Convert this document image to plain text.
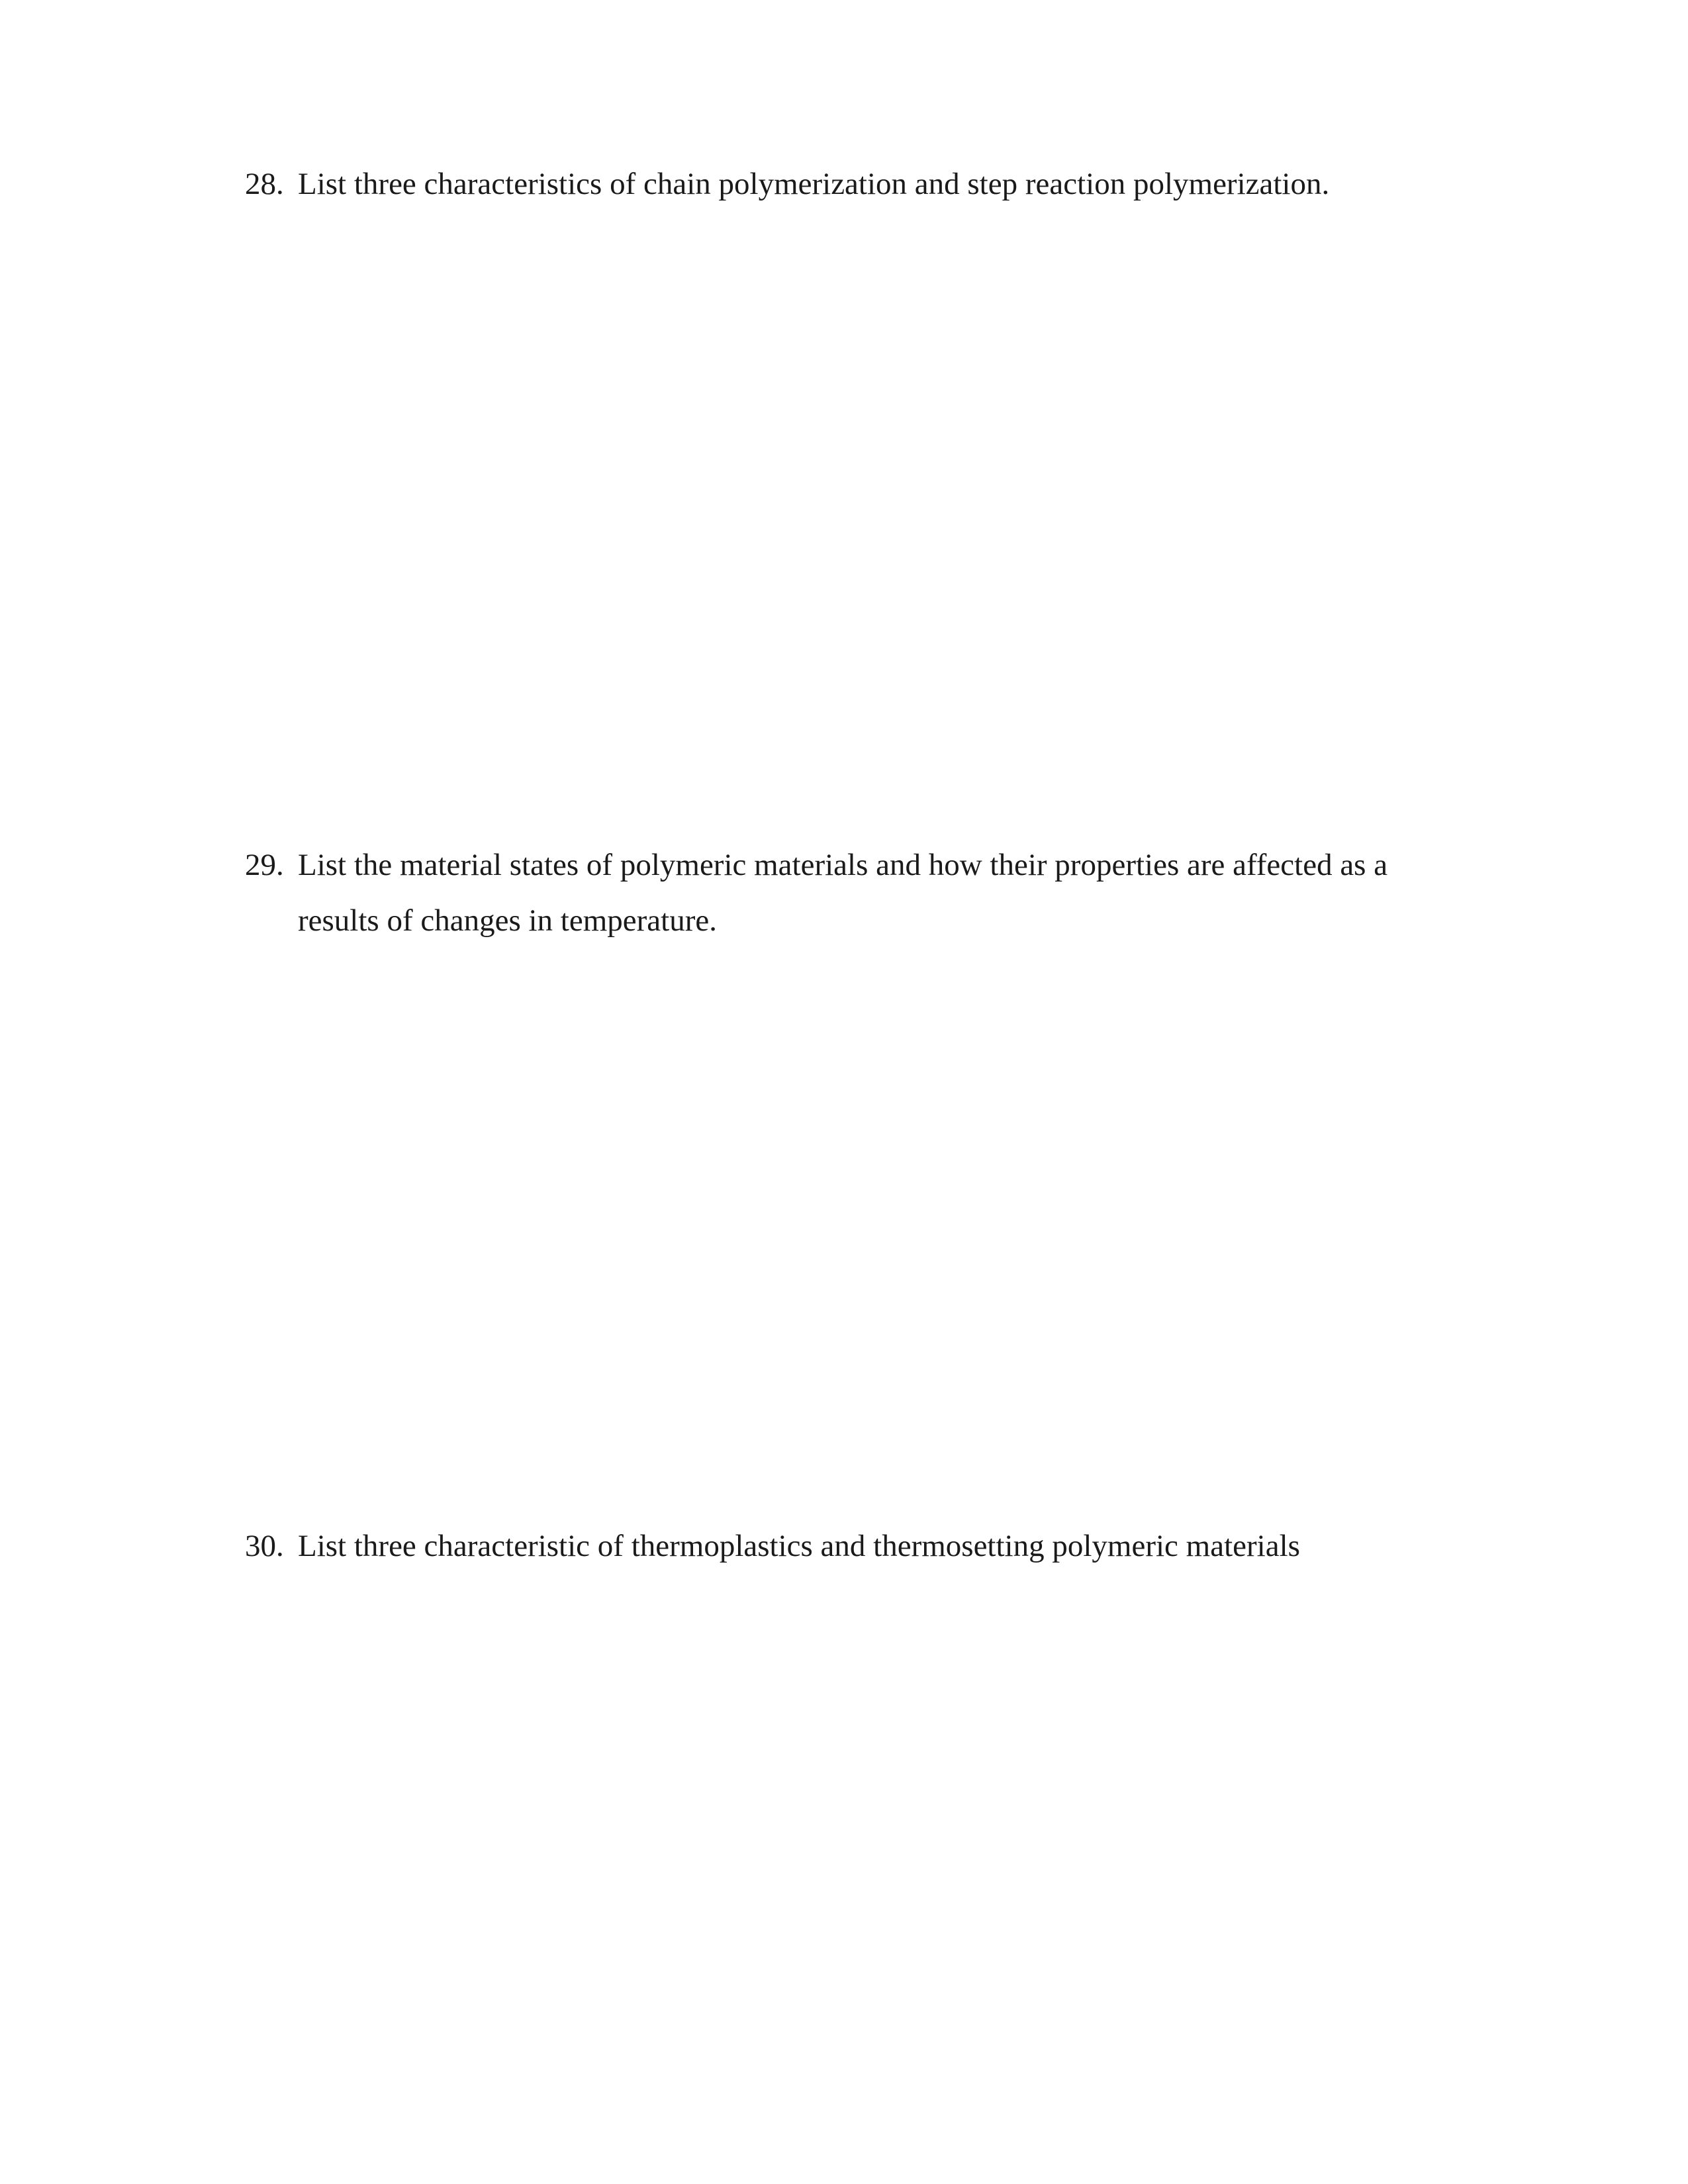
28. List three characteristics of chain polymerization and step reaction polymerization.
29. List the material states of polymeric materials and how their properties are affected as a results of changes in temperature.
30. List three characteristic of thermoplastics and thermosetting polymeric materials
